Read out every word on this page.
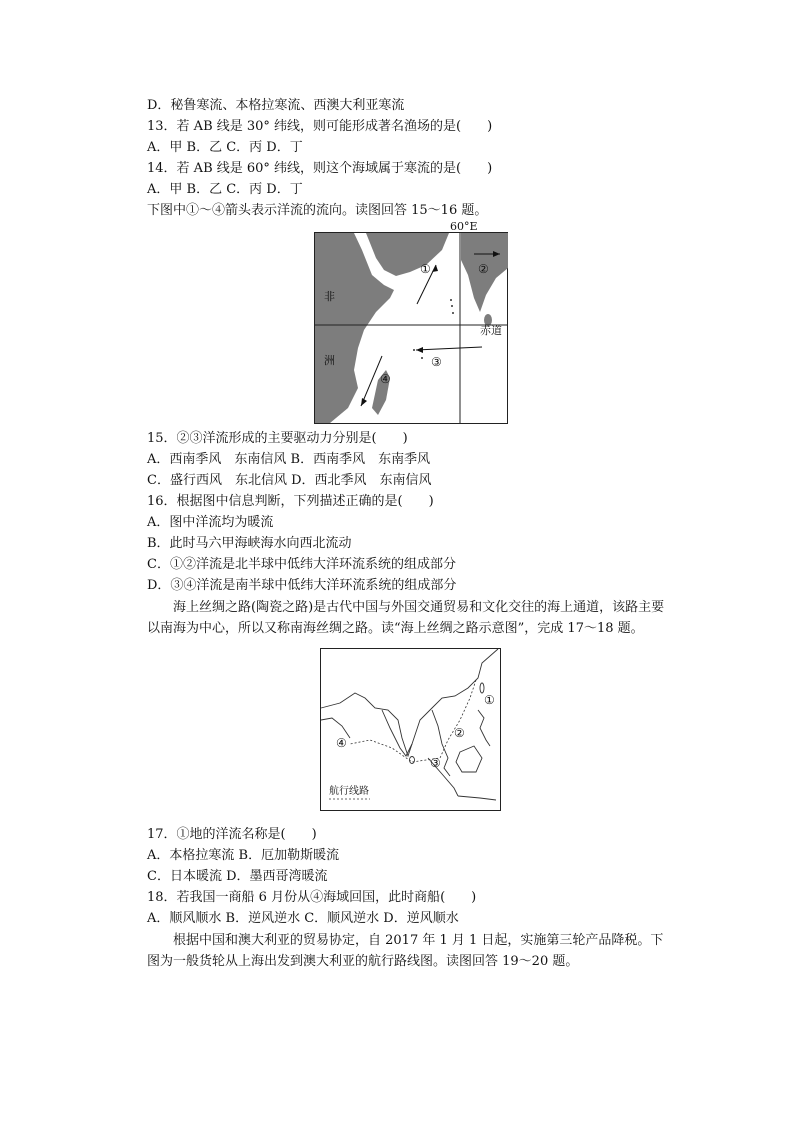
D．秘鲁寒流、本格拉寒流、西澳大利亚寒流
13．若 AB 线是 30° 纬线，则可能形成著名渔场的是(　　)
A．甲 B．乙 C．丙 D．丁
14．若 AB 线是 60° 纬线，则这个海域属于寒流的是(　　)
A．甲 B．乙 C．丙 D．丁
下图中①～④箭头表示洋流的流向。读图回答 15～16 题。
60°E
非
洲
赤道
①	②
③
④
15．②③洋流形成的主要驱动力分别是(　　)
A．西南季风　东南信风 B．西南季风　东南季风
C．盛行西风　东北信风 D．西北季风　东南信风
16．根据图中信息判断，下列描述正确的是(　　)
A．图中洋流均为暖流
B．此时马六甲海峡海水向西北流动
C．①②洋流是北半球中低纬大洋环流系统的组成部分
D．③④洋流是南半球中低纬大洋环流系统的组成部分
海上丝绸之路(陶瓷之路)是古代中国与外国交通贸易和文化交往的海上通道，该路主要以南海为中心，所以又称南海丝绸之路。读“海上丝绸之路示意图”，完成 17～18 题。
①
②
③
④
航行线路
17．①地的洋流名称是(　　)
A．本格拉寒流 B．厄加勒斯暖流
C．日本暖流 D．墨西哥湾暖流
18．若我国一商船 6 月份从④海域回国，此时商船(　　)
A．顺风顺水 B．逆风逆水 C．顺风逆水 D．逆风顺水
根据中国和澳大利亚的贸易协定，自 2017 年 1 月 1 日起，实施第三轮产品降税。下图为一般货轮从上海出发到澳大利亚的航行路线图。读图回答 19～20 题。
